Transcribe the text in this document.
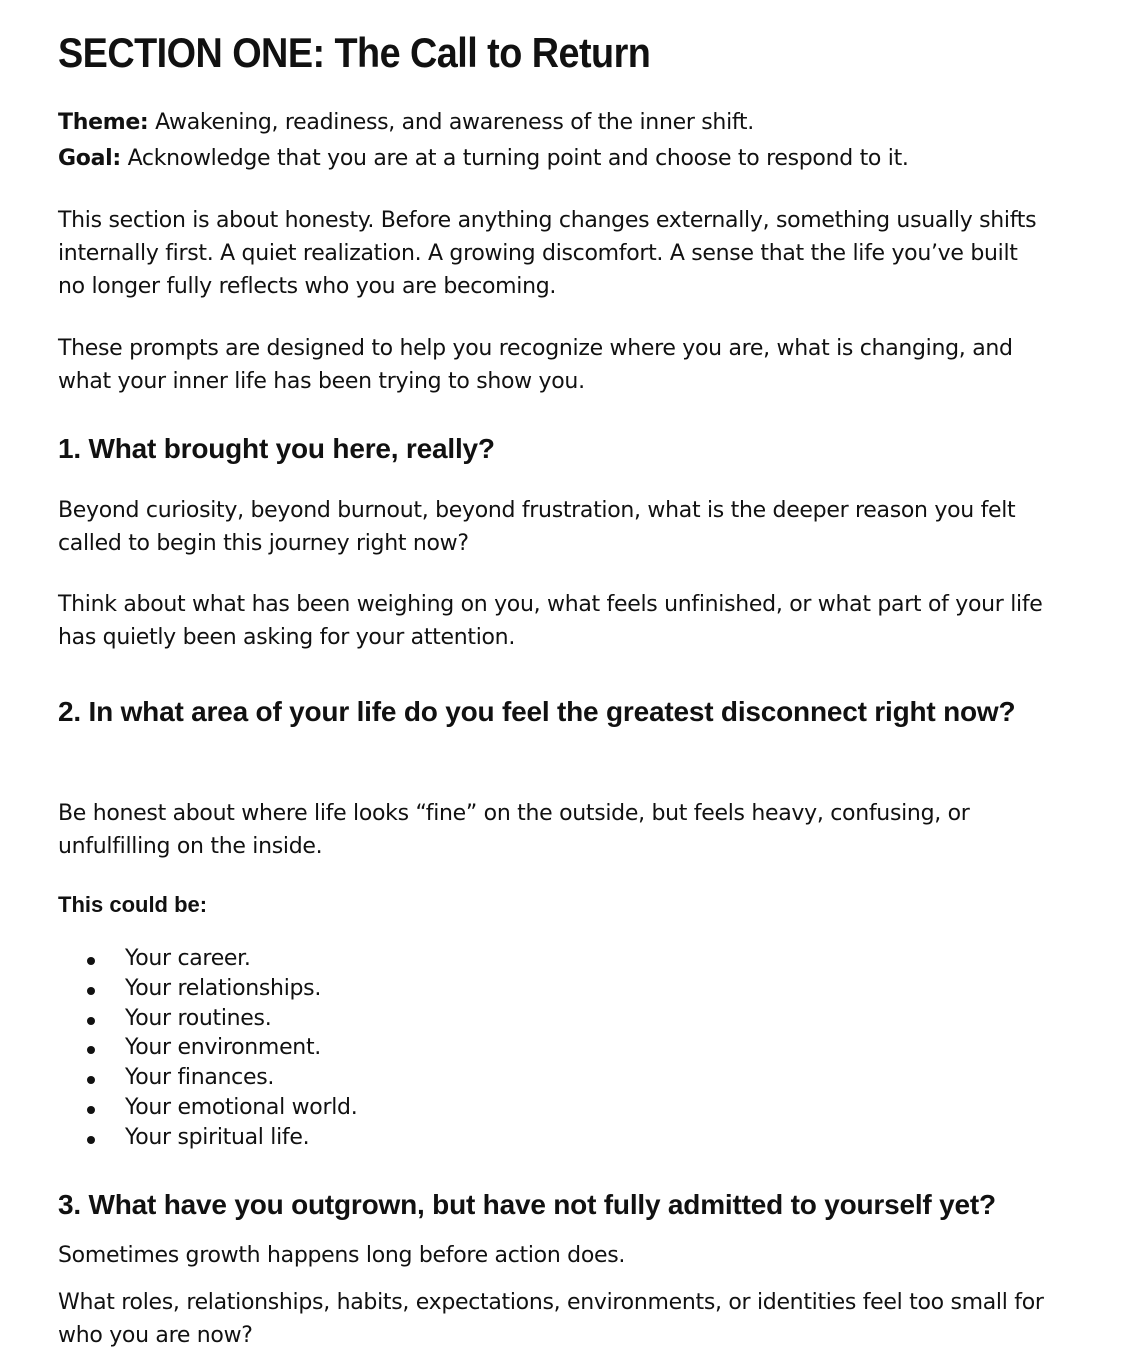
SECTION ONE: The Call to Return
Theme: Awakening, readiness, and awareness of the inner shift.
Goal: Acknowledge that you are at a turning point and choose to respond to it.

This section is about honesty. Before anything changes externally, something usually shifts internally first. A quiet realization. A growing discomfort. A sense that the life you’ve built no longer fully reflects who you are becoming.

These prompts are designed to help you recognize where you are, what is changing, and what your inner life has been trying to show you.

1. What brought you here, really?

Beyond curiosity, beyond burnout, beyond frustration, what is the deeper reason you felt called to begin this journey right now?

Think about what has been weighing on you, what feels unfinished, or what part of your life has quietly been asking for your attention.

2. In what area of your life do you feel the greatest disconnect right now?

Be honest about where life looks “fine” on the outside, but feels heavy, confusing, or unfulfilling on the inside.

This could be:

Your career.
Your relationships.
Your routines.
Your environment.
Your finances.
Your emotional world.
Your spiritual life.
3. What have you outgrown, but have not fully admitted to yourself yet?

Sometimes growth happens long before action does.

What roles, relationships, habits, expectations, environments, or identities feel too small for who you are now?
